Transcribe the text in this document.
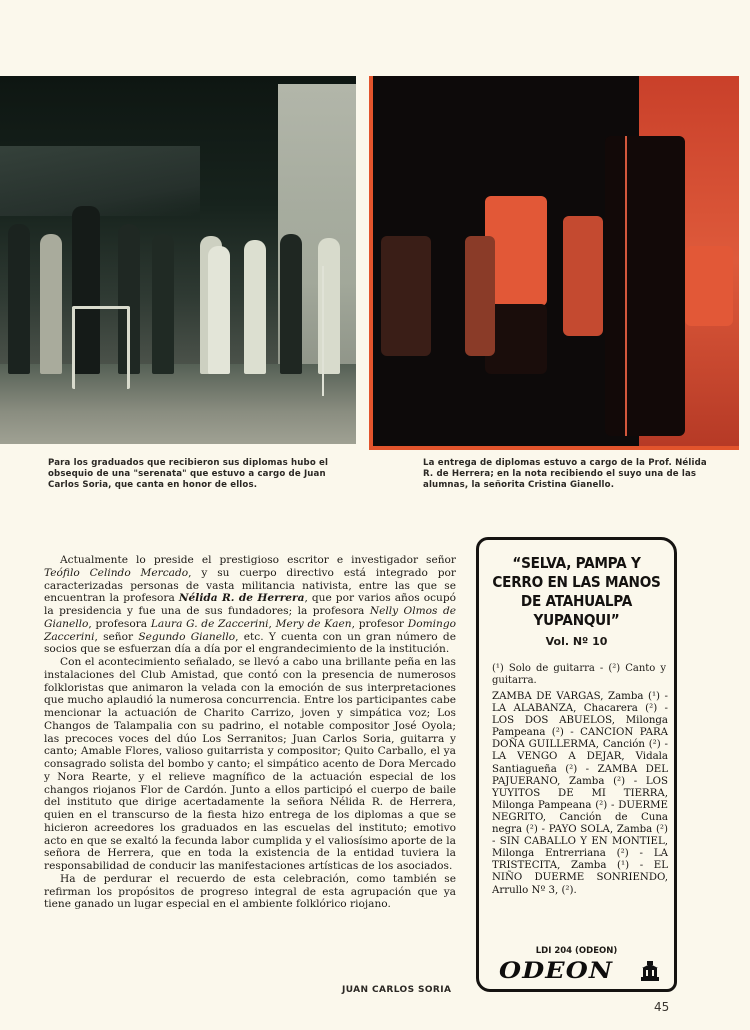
Para los graduados que recibieron sus diplomas hubo el obsequio de una "serenata" que estuvo a cargo de Juan Carlos Soria, que canta en honor de ellos.
La entrega de diplomas estuvo a cargo de la Prof. Nélida R. de Herrera; en la nota recibiendo el suyo una de las alumnas, la señorita Cristina Gianello.

Actualmente lo preside el prestigioso escritor e investigador señor Teófilo Celindo Mercado, y su cuerpo directivo está integrado por caracterizadas personas de vasta militancia nativista, entre las que se encuentran la profesora Nélida R. de Herrera, que por varios años ocupó la presidencia y fue una de sus fundadores; la profesora Nelly Olmos de Gianello, profesora Laura G. de Zaccerini, Mery de Kaen, profesor Domingo Zaccerini, señor Segundo Gianello, etc. Y cuenta con un gran número de socios que se esfuerzan día a día por el engrandecimiento de la institución.

Con el acontecimiento señalado, se llevó a cabo una brillante peña en las instalaciones del Club Amistad, que contó con la presencia de numerosos folkloristas que animaron la velada con la emoción de sus interpretaciones que mucho aplaudió la numerosa concurrencia. Entre los participantes cabe mencionar la actuación de Charito Carrizo, joven y simpática voz; Los Changos de Talampalia con su padrino, el notable compositor José Oyola; las precoces voces del dúo Los Serranitos; Juan Carlos Soria, guitarra y canto; Amable Flores, valioso guitarrista y compositor; Quito Carballo, el ya consagrado solista del bombo y canto; el simpático acento de Dora Mercado y Nora Rearte, y el relieve magnífico de la actuación especial de los changos riojanos Flor de Cardón. Junto a ellos participó el cuerpo de baile del instituto que dirige acertadamente la señora Nélida R. de Herrera, quien en el transcurso de la fiesta hizo entrega de los diplomas a que se hicieron acreedores los graduados en las escuelas del instituto; emotivo acto en que se exaltó la fecunda labor cumplida y el valiosísimo aporte de la señora de Herrera, que en toda la existencia de la entidad tuviera la responsabilidad de conducir las manifestaciones artísticas de los asociados.

Ha de perdurar el recuerdo de esta celebración, como también se refirman los propósitos de progreso integral de esta agrupación que ya tiene ganado un lugar especial en el ambiente folklórico riojano.

JUAN CARLOS SORIA
“SELVA, PAMPA Y CERRO EN LAS MANOS DE ATAHUALPA YUPANQUI”
Vol. Nº 10
(¹) Solo de guitarra - (²) Canto y guitarra.
ZAMBA DE VARGAS, Zamba (¹) - LA ALABANZA, Chacarera (²) - LOS DOS ABUELOS, Milonga Pampeana (²) - CANCION PARA DOÑA GUILLERMA, Canción (²) - LA VENGO A DEJAR, Vidala Santiagueña (²) - ZAMBA DEL PAJUERANO, Zamba (²) - LOS YUYITOS DE MI TIERRA, Milonga Pampeana (²) - DUERME NEGRITO, Canción de Cuna negra (²) - PAYO SOLA, Zamba (²) - SIN CABALLO Y EN MONTIEL, Milonga Entrerriana (²) - LA TRISTECITA, Zamba (¹) - EL NIÑO DUERME SONRIENDO, Arrullo Nº 3, (²).
LDI 204 (ODEON)
ODEON
45
